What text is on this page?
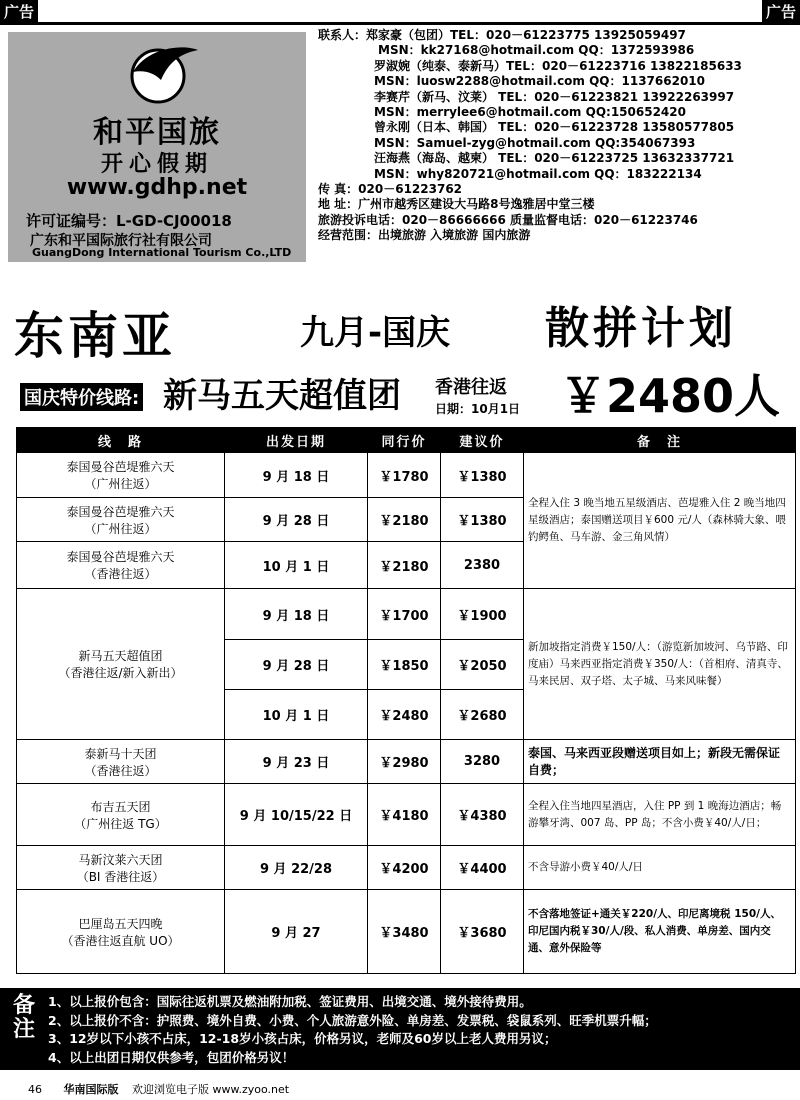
广告	广告
和平国旅
开心假期
www.gdhp.net
许可证编号：L-GD-CJ00018
广东和平国际旅行社有限公司
GuangDong International Tourism Co.,LTD
联系人：郑家豪（包团）TEL：020－61223775 13925059497
MSN：kk27168@hotmail.com QQ：1372593986
罗淑婉（纯泰、泰新马）TEL：020－61223716 13822185633
MSN：luosw2288@hotmail.com QQ：1137662010
李赛芹（新马、汶莱） TEL：020－61223821 13922263997
MSN：merrylee6@hotmail.com QQ:150652420
曾永刚（日本、韩国） TEL：020－61223728 13580577805
MSN：Samuel-zyg@hotmail.com QQ:354067393
汪海燕（海岛、越柬） TEL：020－61223725 13632337721
MSN：why820721@hotmail.com QQ：183222134
传 真：020－61223762
地 址：广州市越秀区建设大马路8号逸雅居中堂三楼
旅游投诉电话：020－86666666 质量监督电话：020－61223746
经营范围：出境旅游 入境旅游 国内旅游
东南亚	九月-国庆 散拼计划
国庆特价线路: 新马五天超值团 香港往返
日期：10月1日 ￥2480人
线　路	出发日期	同行价	建议价	备　注

泰国曼谷芭堤雅六天
（广州往返）	9 月 18 日	￥1780	￥1380	全程入住 3 晚当地五星级酒店、芭堤雅入住 2 晚当地四星级酒店；泰国赠送项目￥600 元/人（森林骑大象、喂钓鳄鱼、马车游、金三角风情）

泰国曼谷芭堤雅六天
（广州往返）	9 月 28 日	￥2180	￥1380	

泰国曼谷芭堤雅六天
（香港往返）	10 月 1 日	￥2180	2380	

新马五天超值团
（香港往返/新入新出）	9 月 18 日	￥1700	￥1900	新加坡指定消费￥150/人：（游览新加坡河、乌节路、印度庙）马来西亚指定消费￥350/人：（首相府、清真寺、马来民居、双子塔、太子城、马来风味餐）
	9 月 28 日	￥1850	￥2050	
	10 月 1 日	￥2480	￥2680	

泰新马十天团
（香港往返）	9 月 23 日	￥2980	3280	泰国、马来西亚段赠送项目如上；新段无需保证自费；

布吉五天团
（广州往返 TG）	9 月 10/15/22 日	￥4180	￥4380	全程入住当地四星酒店，入住 PP 到 1 晚海边酒店；畅游攀牙湾、007 岛、PP 岛；不含小费￥40/人/日；

马新汶莱六天团
（BI 香港往返）	9 月 22/28	￥4200	￥4400	不含导游小费￥40/人/日

巴厘岛五天四晚
（香港往返直航 UO）	9 月 27	￥3480	￥3680	不含落地签证+通关￥220/人、印尼离境税 150/人、印尼国内税￥30/人/段、私人消费、单房差、国内交通、意外保险等
备注
1、以上报价包含：国际往返机票及燃油附加税、签证费用、出境交通、境外接待费用。
2、以上报价不含：护照费、境外自费、小费、个人旅游意外险、单房差、发票税、袋鼠系列、旺季机票升幅；
3、12岁以下小孩不占床，12-18岁小孩占床，价格另议，老师及60岁以上老人费用另议；
4、以上出团日期仅供参考，包团价格另议！
46 华南国际版 欢迎浏览电子版 www.zyoo.net
